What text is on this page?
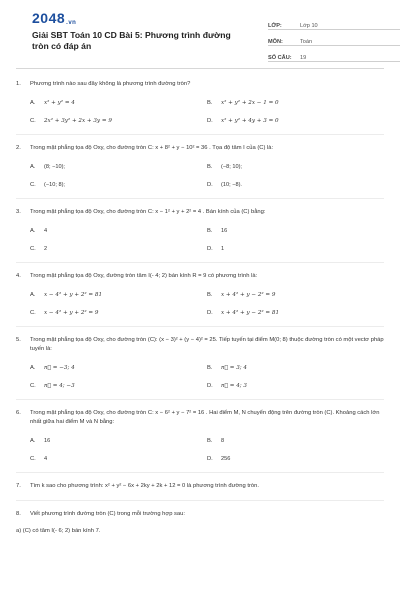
2048.vn
Giải SBT Toán 10 CD Bài 5: Phương trình đường tròn có đáp án
LỚP:	Lớp 10
MÔN:	Toán
SỐ CÂU:	19
1.	Phương trình nào sau đây không là phương trình đường tròn?
A.	x² + y² = 4	B.	x² + y² + 2x − 1 = 0
C.	2x² + 3y² + 2x + 3y = 9	D.	x² + y² + 4y + 3 = 0
2.	Trong mặt phẳng tọa độ Oxy, cho đường tròn C: x + 8² + y − 10² = 36 . Tọa độ tâm I của (C) là:
A.	(8; −10);	B.	(−8; 10);
C.	(−10; 8);	D.	(10; −8).
3.	Trong mặt phẳng tọa độ Oxy, cho đường tròn C: x − 1² + y + 2² = 4 . Bán kính của (C) bằng:
A.	4	B.	16
C.	2	D.	1
4.	Trong mặt phẳng tọa độ Oxy, đường tròn tâm I(- 4; 2) bán kính R = 9 có phương trình là:
A.	x − 4² + y + 2² = 81	B.	x + 4² + y − 2² = 9
C.	x − 4² + y + 2² = 9	D.	x + 4² + y − 2² = 81
5.	Trong mặt phẳng tọa độ Oxy, cho đường tròn (C): (x − 3)² + (y − 4)² = 25. Tiếp tuyến tại điểm M(0; 8) thuộc đường tròn có một vectơ pháp tuyến là:
A.	n⃗ = −3; 4	B.	n⃗ = 3; 4
C.	n⃗ = 4; −3	D.	n⃗ = 4; 3
6.	Trong mặt phẳng tọa độ Oxy, cho đường tròn C: x − 6² + y − 7² = 16 . Hai điểm M, N chuyển động trên đường tròn (C). Khoảng cách lớn nhất giữa hai điểm M và N bằng:
A.	16	B.	8
C.	4	D.	256
7.	Tìm k sao cho phương trình: x² + y² − 6x + 2ky + 2k + 12 = 0 là phương trình đường tròn.
8.	Viết phương trình đường tròn (C) trong mỗi trường hợp sau:
a) (C) có tâm I(- 6; 2) bán kính 7.
